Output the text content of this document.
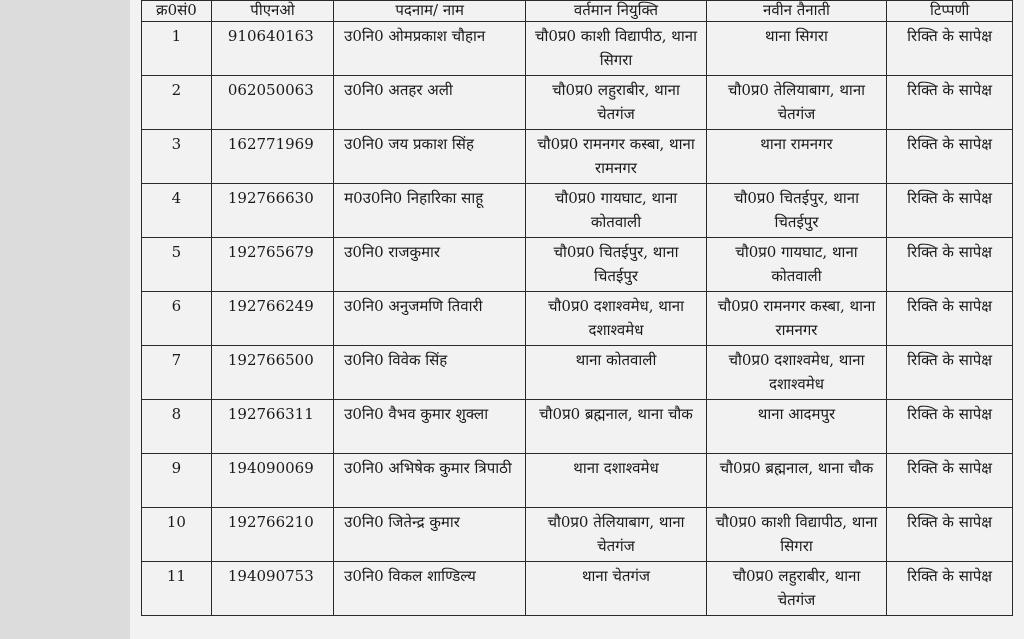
क्र0सं0	पीएनओ	पदनाम/ नाम	वर्तमान नियुक्ति	नवीन तैनाती	टिप्पणी
1	910640163	उ0नि0 ओमप्रकाश चौहान	चौ0प्र0 काशी विद्यापीठ, थाना सिगरा	थाना सिगरा	रिक्ति के सापेक्ष
2	062050063	उ0नि0 अतहर अली	चौ0प्र0 लहुराबीर, थाना चेतगंज	चौ0प्र0 तेलियाबाग, थाना चेतगंज	रिक्ति के सापेक्ष
3	162771969	उ0नि0 जय प्रकाश सिंह	चौ0प्र0 रामनगर कस्बा, थाना रामनगर	थाना रामनगर	रिक्ति के सापेक्ष
4	192766630	म0उ0नि0 निहारिका साहू	चौ0प्र0 गायघाट, थाना कोतवाली	चौ0प्र0 चितईपुर, थाना चितईपुर	रिक्ति के सापेक्ष
5	192765679	उ0नि0 राजकुमार	चौ0प्र0 चितईपुर, थाना चितईपुर	चौ0प्र0 गायघाट, थाना कोतवाली	रिक्ति के सापेक्ष
6	192766249	उ0नि0 अनुजमणि तिवारी	चौ0प्र0 दशाश्वमेध, थाना दशाश्वमेध	चौ0प्र0 रामनगर कस्बा, थाना रामनगर	रिक्ति के सापेक्ष
7	192766500	उ0नि0 विवेक सिंह	थाना कोतवाली	चौ0प्र0 दशाश्वमेध, थाना दशाश्वमेध	रिक्ति के सापेक्ष
8	192766311	उ0नि0 वैभव कुमार शुक्ला	चौ0प्र0 ब्रह्मनाल, थाना चौक	थाना आदमपुर	रिक्ति के सापेक्ष
9	194090069	उ0नि0 अभिषेक कुमार त्रिपाठी	थाना दशाश्वमेध	चौ0प्र0 ब्रह्मनाल, थाना चौक	रिक्ति के सापेक्ष
10	192766210	उ0नि0 जितेन्द्र कुमार	चौ0प्र0 तेलियाबाग, थाना चेतगंज	चौ0प्र0 काशी विद्यापीठ, थाना सिगरा	रिक्ति के सापेक्ष
11	194090753	उ0नि0 विकल शाण्डिल्य	थाना चेतगंज	चौ0प्र0 लहुराबीर, थाना चेतगंज	रिक्ति के सापेक्ष
